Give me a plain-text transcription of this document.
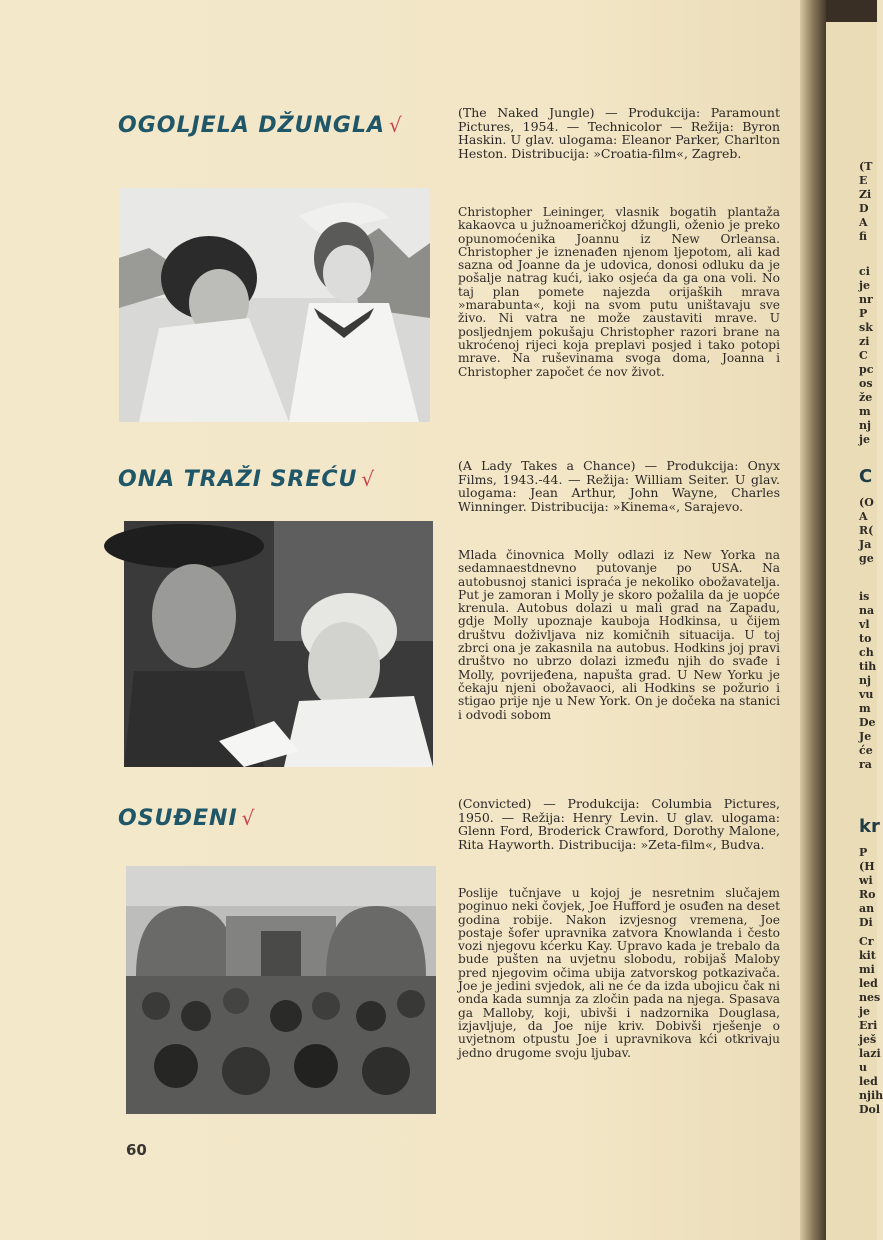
OGOLJELA DŽUNGLA √
(The Naked Jungle) — Produkcija: Paramount Pictures, 1954. — Technicolor — Režija: Byron Haskin. U glav. ulogama: Eleanor Parker, Charlton Heston. Distribucija: »Croatia-film«, Zagreb.
Christopher Leininger, vlasnik bogatih plantaža kakaovca u južnoameričkoj džungli, oženio je preko opunomoćenika Joannu iz New Orleansa. Christopher je iznenađen njenom ljepotom, ali kad sazna od Joanne da je udovica, donosi odluku da je pošalje natrag kući, iako osjeća da ga ona voli. No taj plan pomete najezda orijaških mrava »marabunta«, koji na svom putu uništavaju sve živo. Ni vatra ne može zaustaviti mrave. U posljednjem pokušaju Christopher razori brane na ukroćenoj rijeci koja preplavi posjed i tako potopi mrave. Na ruševinama svoga doma, Joanna i Christopher započet će nov život.
ONA TRAŽI SREĆU √
(A Lady Takes a Chance) — Produkcija: Onyx Films, 1943.-44. — Režija: William Seiter. U glav. ulogama: Jean Arthur, John Wayne, Charles Winninger. Distribucija: »Kinema«, Sarajevo.
Mlada činovnica Molly odlazi iz New Yorka na sedamnaestdnevno putovanje po USA. Na autobusnoj stanici ispraća je nekoliko obožavatelja. Put je zamoran i Molly je skoro požalila da je uopće krenula. Autobus dolazi u mali grad na Zapadu, gdje Molly upoznaje kauboja Hodkinsa, u čijem društvu doživljava niz komičnih situacija. U toj zbrci ona je zakasnila na autobus. Hodkins joj pravi društvo no ubrzo dolazi između njih do svađe i Molly, povrijeđena, napušta grad. U New Yorku je čekaju njeni obožavaoci, ali Hodkins se požurio i stigao prije nje u New York. On je dočeka na stanici i odvodi sobom
OSUĐENI √
(Convicted) — Produkcija: Columbia Pictures, 1950. — Režija: Henry Levin. U glav. ulogama: Glenn Ford, Broderick Crawford, Dorothy Malone, Rita Hayworth. Distribucija: »Zeta-film«, Budva.
Poslije tučnjave u kojoj je nesretnim slučajem poginuo neki čovjek, Joe Hufford je osuđen na deset godina robije. Nakon izvjesnog vremena, Joe postaje šofer upravnika zatvora Knowlanda i često vozi njegovu kćerku Kay. Upravo kada je trebalo da bude pušten na uvjetnu slobodu, robijaš Maloby pred njegovim očima ubija zatvorskog potkazivača. Joe je jedini svjedok, ali ne će da izda ubojicu čak ni onda kada sumnja za zločin pada na njega. Spasava ga Malloby, koji, ubivši i nadzornika Douglasa, izjavljuje, da Joe nije kriv. Dobivši rješenje o uvjetnom otpustu Joe i upravnikova kći otkrivaju jedno drugome svoju ljubav.
60
(T
E
Zi
D
A
fi
ci
je
nr
P
sk
zi
C
pc
os
že
m
nj
je
C
(O
A
R(
Ja
ge
is
na
vl
to
ch
tih
nj
vu
m
De
Je
će
ra
kr
P
(H
wi
Ro
an
Di
Cr
kit
mi
led
nes
je
Eri
ješ
lazi
u
led
njih
Dol
